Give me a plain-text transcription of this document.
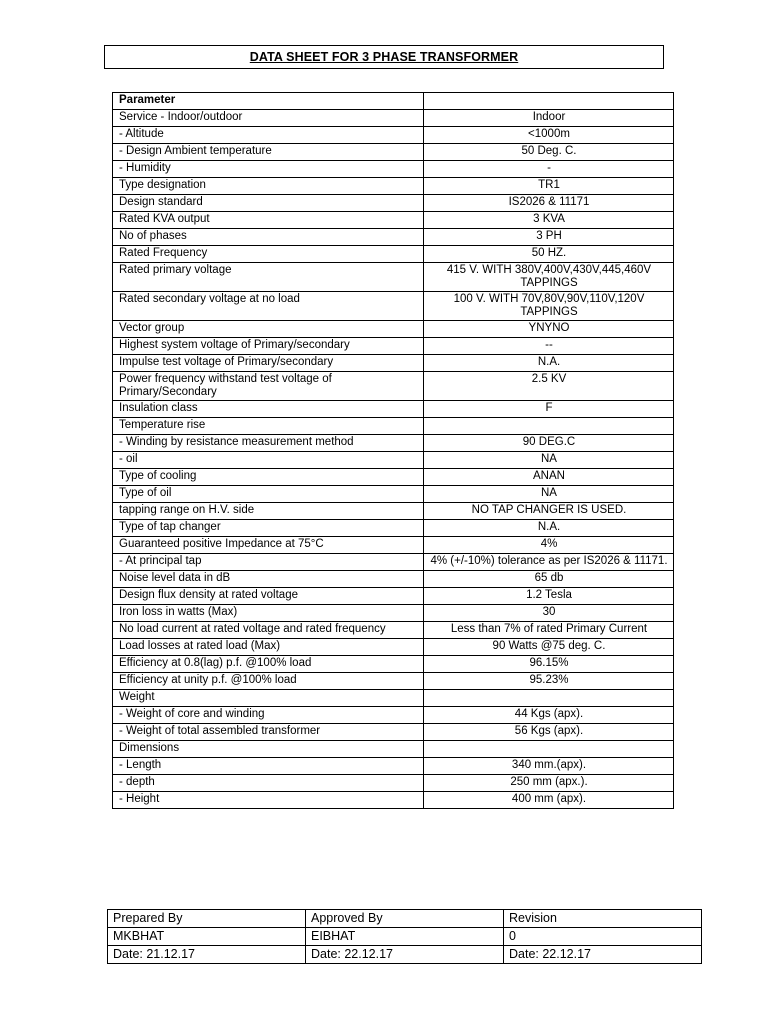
DATA SHEET FOR 3 PHASE TRANSFORMER
Parameter	
Service - Indoor/outdoor	Indoor
- Altitude	<1000m
- Design Ambient temperature	50 Deg. C.
- Humidity	-
Type designation	TR1
Design standard	IS2026 & 11171
Rated KVA output	3 KVA
No of phases	3 PH
Rated Frequency	50 HZ.
Rated primary voltage	415 V. WITH 380V,400V,430V,445,460V TAPPINGS
Rated secondary voltage at no load	100 V. WITH 70V,80V,90V,110V,120V TAPPINGS
Vector group	YNYNO
Highest system voltage of Primary/secondary	--
Impulse test voltage of Primary/secondary	N.A.
Power frequency withstand test voltage of Primary/Secondary	2.5 KV
Insulation class	F
Temperature rise	
- Winding by resistance measurement method	90 DEG.C
- oil	NA
Type of cooling	ANAN
Type of oil	NA
tapping range on H.V. side	NO TAP CHANGER IS USED.
Type of tap changer	N.A.
Guaranteed positive Impedance at 75°C	4%
- At principal tap	4% (+/-10%) tolerance as per IS2026 & 11171.
Noise level data in dB	65 db
Design flux density at rated voltage	1.2 Tesla
Iron loss in watts (Max)	30
No load current at rated voltage and rated frequency	Less than 7% of rated Primary Current
Load losses at rated load (Max)	90 Watts @75 deg. C.
Efficiency at 0.8(lag) p.f. @100% load	96.15%
Efficiency at unity p.f. @100% load	95.23%
Weight	
- Weight of core and winding	44 Kgs (apx).
- Weight of total assembled transformer	56 Kgs (apx).
Dimensions	
- Length	340 mm.(apx).
- depth	250 mm (apx.).
- Height	400 mm (apx).
Prepared By	Approved By	Revision
MKBHAT	EIBHAT	0
Date: 21.12.17	Date: 22.12.17	Date: 22.12.17
